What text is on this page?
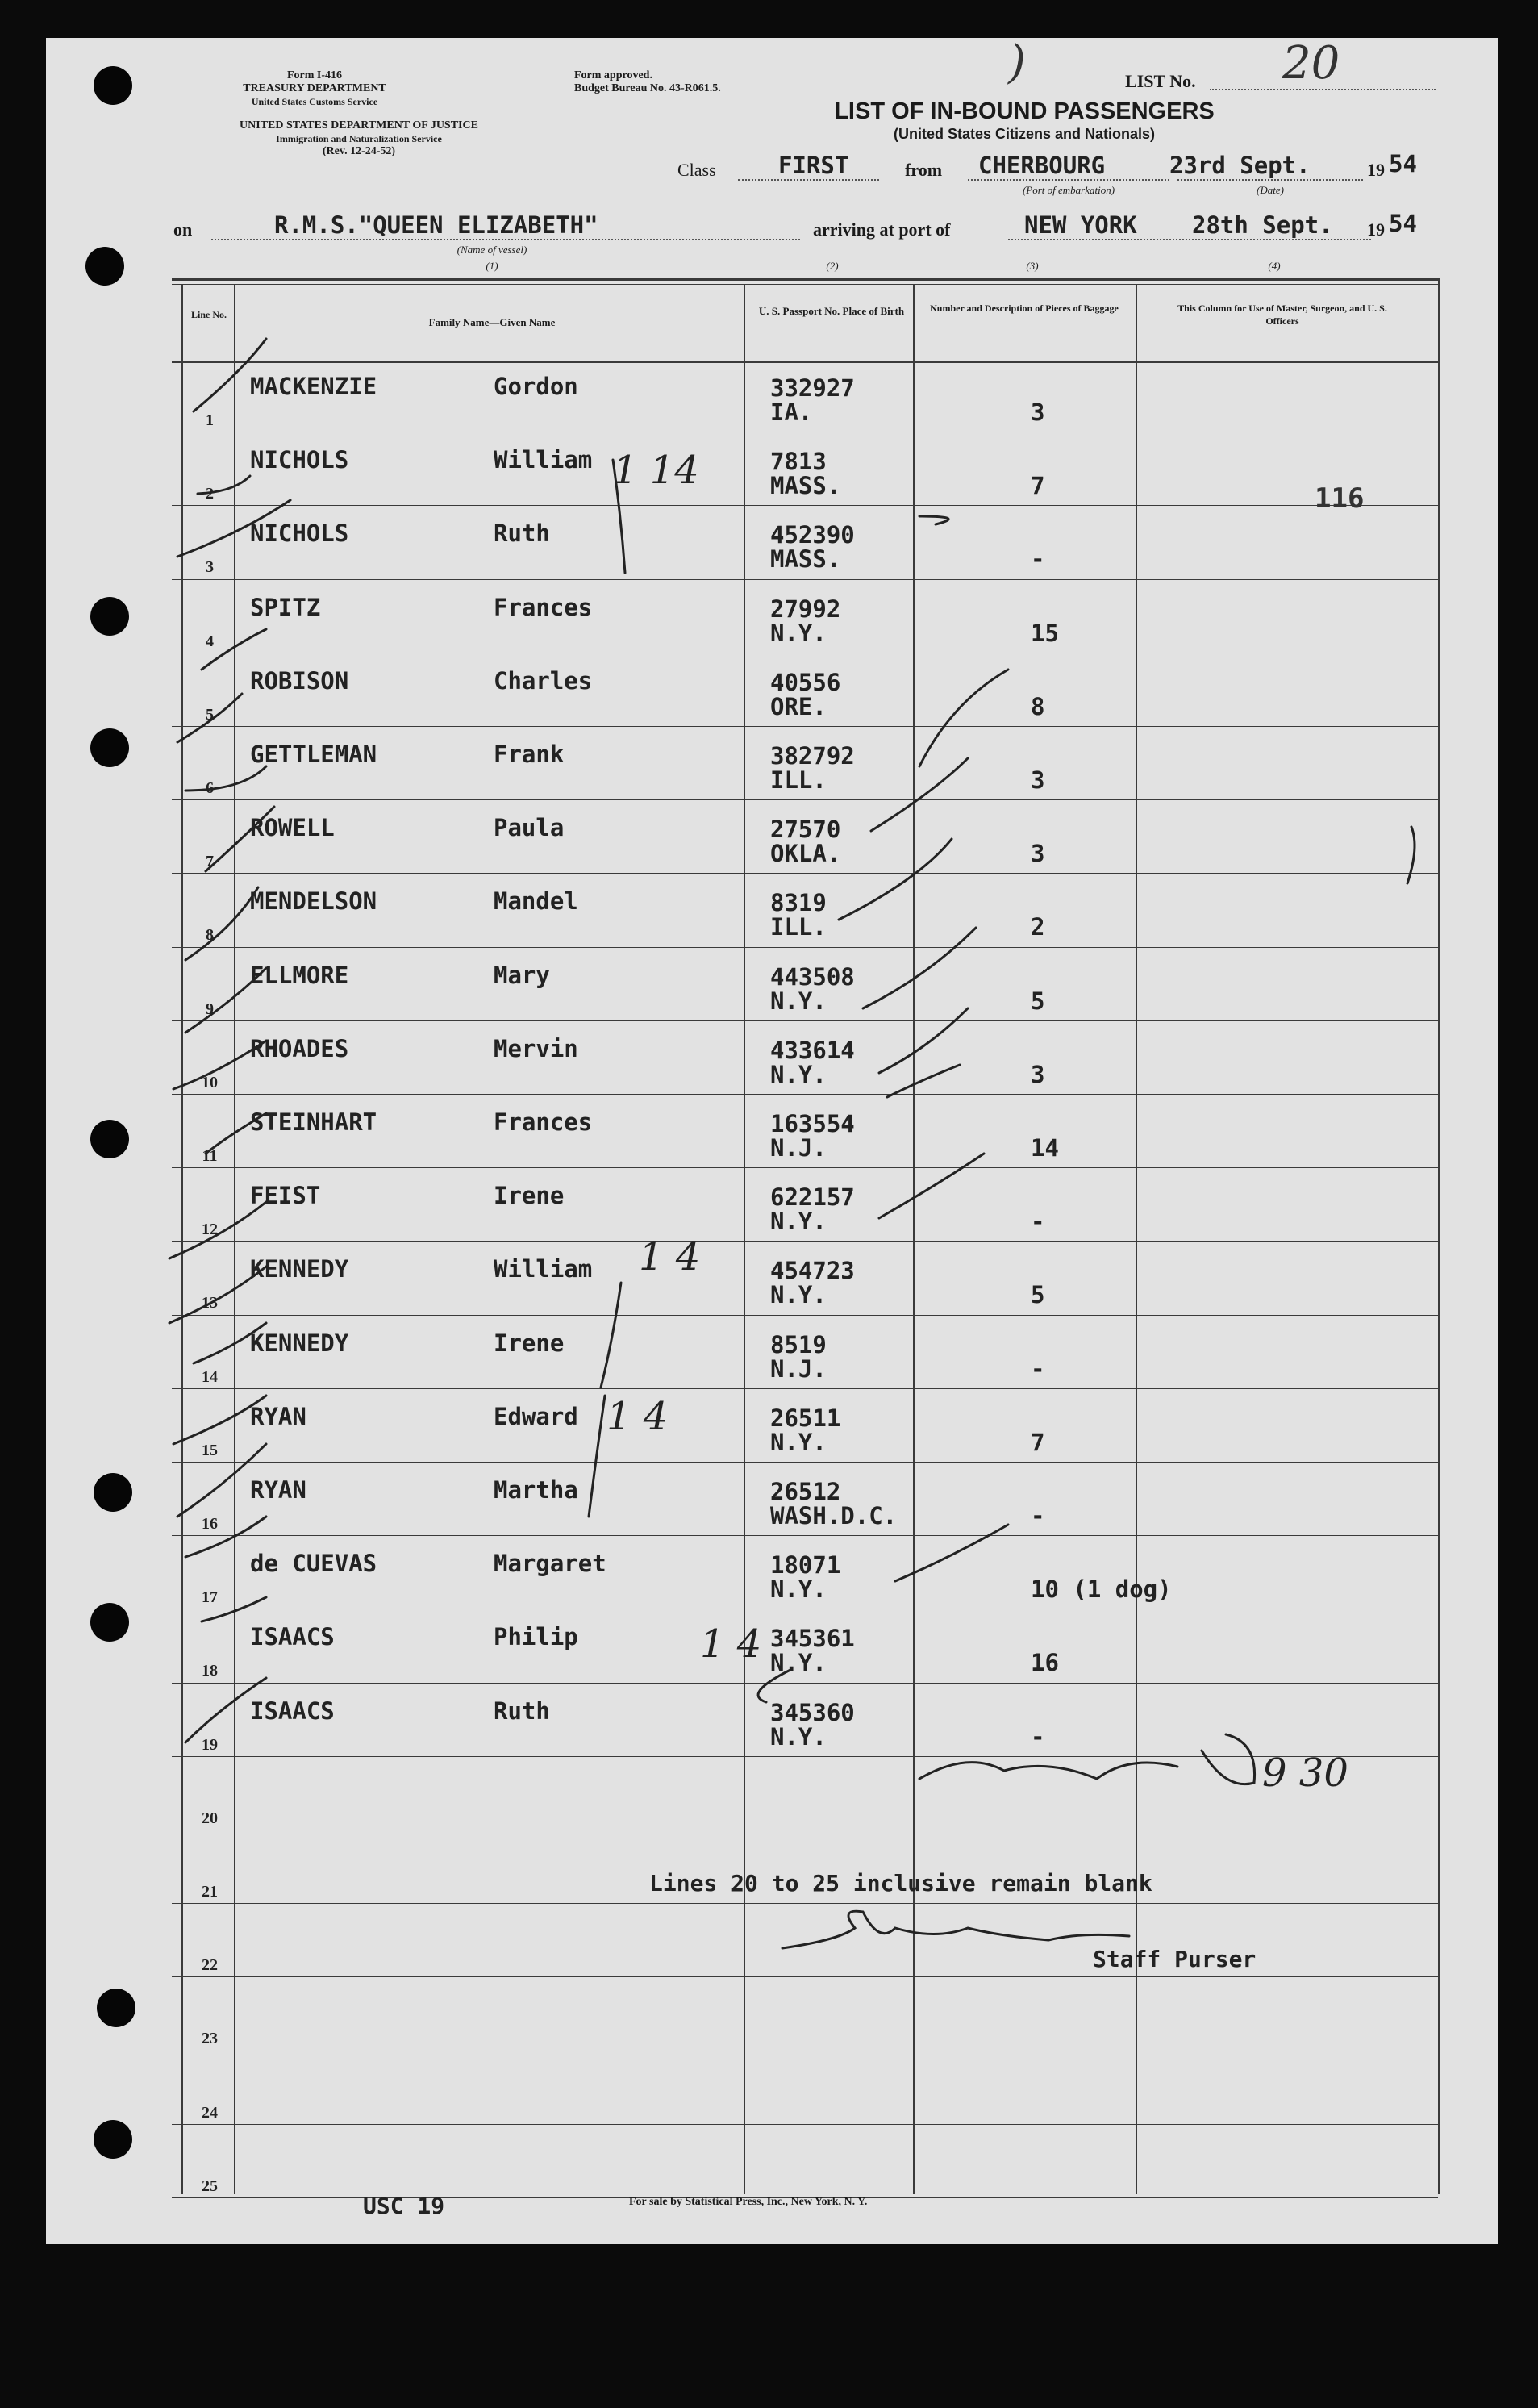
Form I-416
TREASURY DEPARTMENT
United States Customs Service
UNITED STATES DEPARTMENT OF JUSTICE
Immigration and Naturalization Service
(Rev. 12-24-52)
Form approved.
Budget Bureau No. 43-R061.5.
LIST OF IN-BOUND PASSENGERS
(United States Citizens and Nationals)
LIST No. 20
)
Class	FIRST	from CHERBOURG
(Port of embarkation)
23rd Sept.
(Date)
19 54
on	R.M.S."QUEEN ELIZABETH"
(Name of vessel)
arriving at port of	NEW YORK 28th Sept. 19 54
(1)	(2)	(3)	(4)
Line No.
Family Name—Given Name
U. S. Passport No. Place of Birth	Number and Description of Pieces of Baggage	This Column for Use of Master, Surgeon, and U. S. Officers
1
MACKENZIE	Gordon	332927
IA.	3
2
NICHOLS	William	7813
MASS.	7
3
NICHOLS	Ruth	452390
MASS.	-
4
SPITZ	Frances	27992
N.Y.	15
5
ROBISON	Charles	40556
ORE.	8
6
GETTLEMAN	Frank	382792
ILL.	3
7
ROWELL	Paula	27570
OKLA.	3
8
MENDELSON	Mandel	8319
ILL.	2
9
ELLMORE	Mary	443508
N.Y.	5
10
RHOADES	Mervin	433614
N.Y.	3
11
STEINHART	Frances	163554
N.J.	14
12
FEIST	Irene	622157
N.Y.	-
13
KENNEDY	William	454723
N.Y.	5
14
KENNEDY	Irene	8519
N.J.	-
15
RYAN	Edward	26511
N.Y.	7
16
RYAN	Martha	26512
WASH.D.C.	-
17
de CUEVAS	Margaret	18071
N.Y.	10 (1 dog)
18
ISAACS	Philip	345361
N.Y.	16
19
ISAACS	Ruth	345360
N.Y.	-
20
21
22
23
24
25
Lines 20 to 25 inclusive remain blank
Staff Purser
116
USC 19	For sale by Statistical Press, Inc., New York, N. Y.
1 14
1 4
1 4
1 4
9 30
